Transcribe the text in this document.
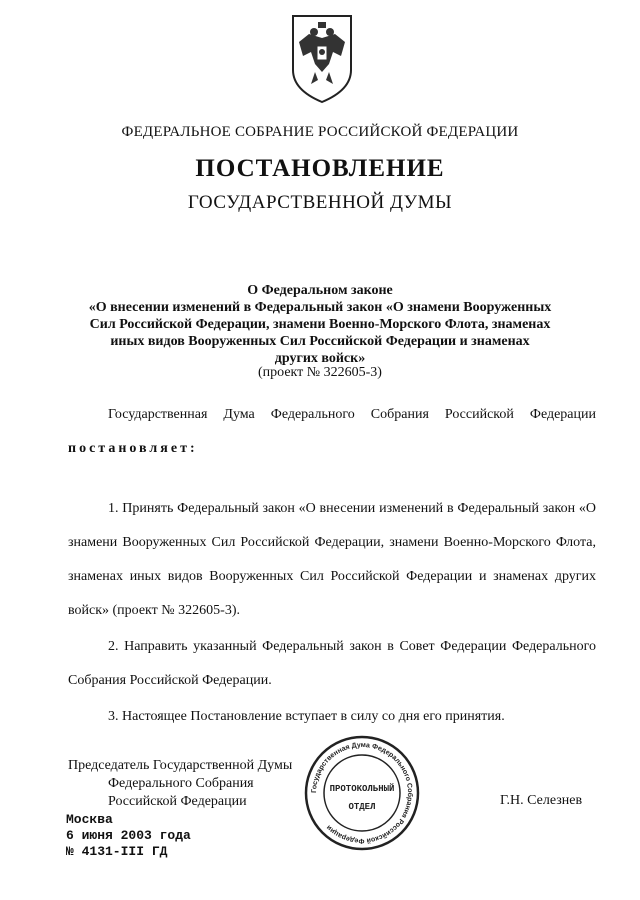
ФЕДЕРАЛЬНОЕ СОБРАНИЕ РОССИЙСКОЙ ФЕДЕРАЦИИ
ПОСТАНОВЛЕНИЕ
ГОСУДАРСТВЕННОЙ ДУМЫ
О Федеральном законе
«О внесении изменений в Федеральный закон «О знамени Вооруженных
Сил Российской Федерации, знамени Военно-Морского Флота, знаменах
иных видов Вооруженных Сил Российской Федерации и знаменах
других войск»
(проект № 322605-3)
Государственная Дума Федерального Собрания Российской Федерации постановляет:
1. Принять Федеральный закон «О внесении изменений в Федеральный закон «О знамени Вооруженных Сил Российской Федерации, знамени Военно-Морского Флота, знаменах иных видов Вооруженных Сил Российской Федерации и знаменах других войск» (проект № 322605-3).
2. Направить указанный Федеральный закон в Совет Федерации Федерального Собрания Российской Федерации.
3. Настоящее Постановление вступает в силу со дня его принятия.
Председатель Государственной Думы
Федерального Собрания
Российской Федерации	Г.Н. Селезнев
Государственная Дума Федерального Собрания Российской Федерации
ПРОТОКОЛЬНЫЙ
ОТДЕЛ
Москва
6 июня 2003 года
№ 4131-III ГД
